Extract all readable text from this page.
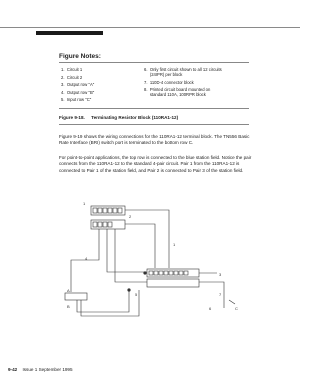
Figure Notes:
1.  Circuit 1
2.  Circuit 2
3.  Output row "A"
4.  Output row "B"
5.  Input row "C"
6.  Only first circuit shown to all 12 circuits
(24IPR) per block
7.  110D-4 connector block
8.  Printed circuit board mounted on
standard 110A, 100RPR block
Figure 9-18.     Terminating Resistor Block (110RA1-12)
Figure 9-19 shows the wiring connections for the 110RA1-12 terminal block. The TN556 Basic Rate Interface (BRI) switch port is terminated to the bottom row C.
For point-to-point applications, the top row is connected to the blue station field. Notice the pair connects from the 110RA1-12 to the standard 4-pair circuit. Pair 1 from the 110RA1-12 is connected to Pair 1 of the station field, and Pair 2 is connected to Pair 3 of the station field.
1
2
1
3
4
5
6
A
B
7
C
9-42 Issue 1 September 1995
